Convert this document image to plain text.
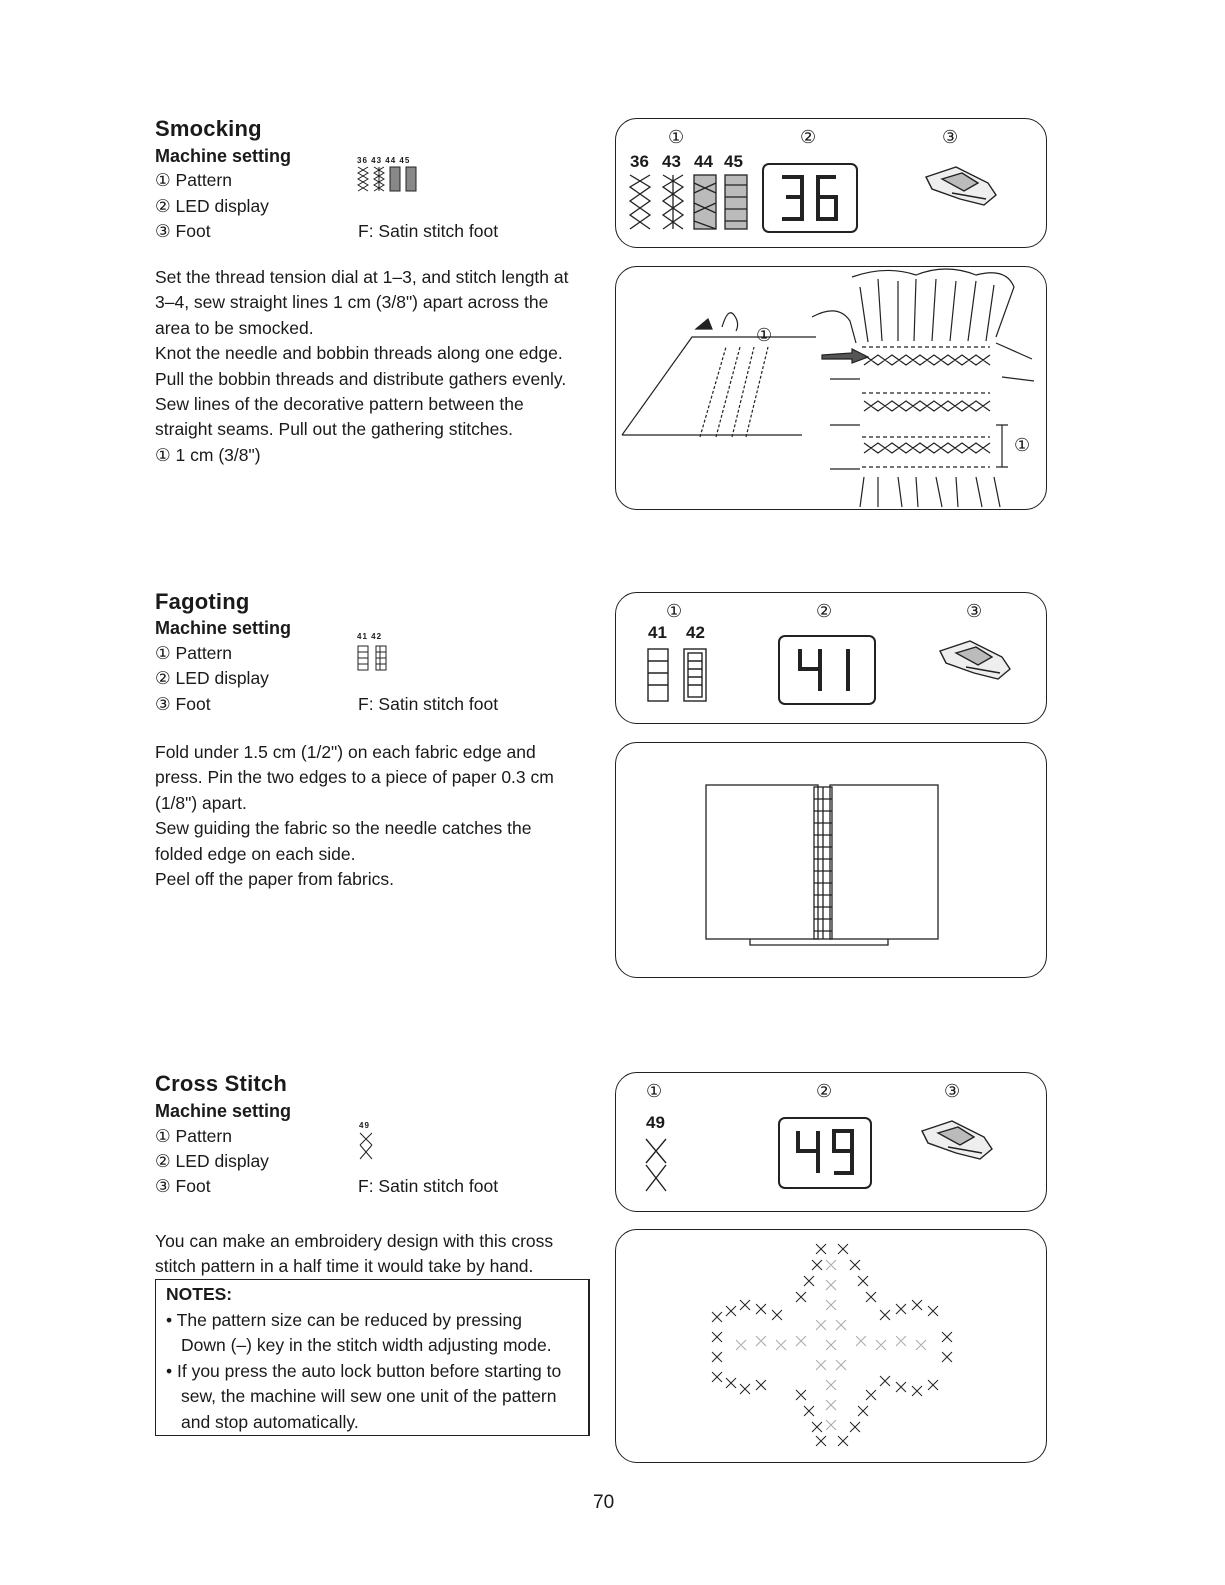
Smocking
Machine setting
① Pattern
② LED display
③ Foot	F: Satin stitch foot
36 43 44 45
Set the thread tension dial at 1–3, and stitch length at
3–4, sew straight lines 1 cm (3/8") apart across the
area to be smocked.
Knot the needle and bobbin threads along one edge.
Pull the bobbin threads and distribute gathers evenly.
Sew lines of the decorative pattern between the
straight seams. Pull out the gathering stitches.
① 1 cm (3/8")
①	②	③
36 43 44 45
①
①
Fagoting
Machine setting
① Pattern
② LED display
③ Foot	F: Satin stitch foot
41 42
Fold under 1.5 cm (1/2") on each fabric edge and
press. Pin the two edges to a piece of paper 0.3 cm
(1/8") apart.
Sew guiding the fabric so the needle catches the
folded edge on each side.
Peel off the paper from fabrics.
①	②	③
41 42
Cross Stitch
Machine setting
① Pattern
② LED display
③ Foot	F: Satin stitch foot
49
You can make an embroidery design with this cross
stitch pattern in a half time it would take by hand.
NOTES:
• The pattern size can be reduced by pressing
Down (–) key in the stitch width adjusting mode.
• If you press the auto lock button before starting to
sew, the machine will sew one unit of the pattern
and stop automatically.
①	②	③
49
70
